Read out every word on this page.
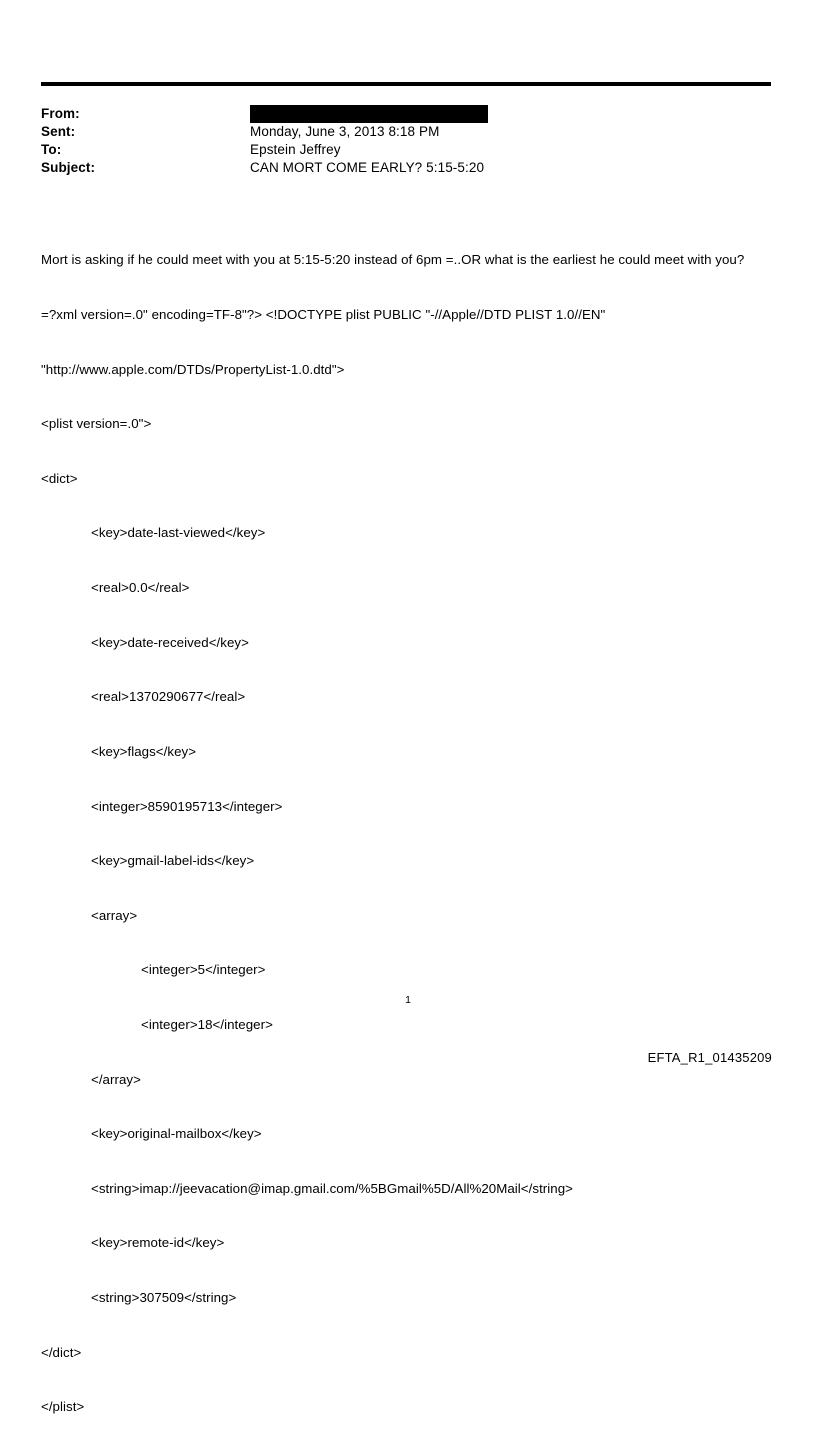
From:
Sent:	Monday, June 3, 2013 8:18 PM
To:	Epstein Jeffrey
Subject:	CAN MORT COME EARLY? 5:15-5:20

Mort is asking if he could meet with you at 5:15-5:20 instead of 6pm =..OR what is the earliest he could meet with you?

=?xml version=.0" encoding=TF-8"?> <!DOCTYPE plist PUBLIC "-//Apple//DTD PLIST 1.0//EN"

"http://www.apple.com/DTDs/PropertyList-1.0.dtd">

<plist version=.0">

<dict>

<key>date-last-viewed</key>

<real>0.0</real>

<key>date-received</key>

<real>1370290677</real>

<key>flags</key>

<integer>8590195713</integer>

<key>gmail-label-ids</key>

<array>

<integer>5</integer>

<integer>18</integer>

</array>

<key>original-mailbox</key>

<string>imap://jeevacation@imap.gmail.com/%5BGmail%5D/All%20Mail</string>

<key>remote-id</key>

<string>307509</string>

</dict>

</plist>

1
EFTA_R1_01435209
